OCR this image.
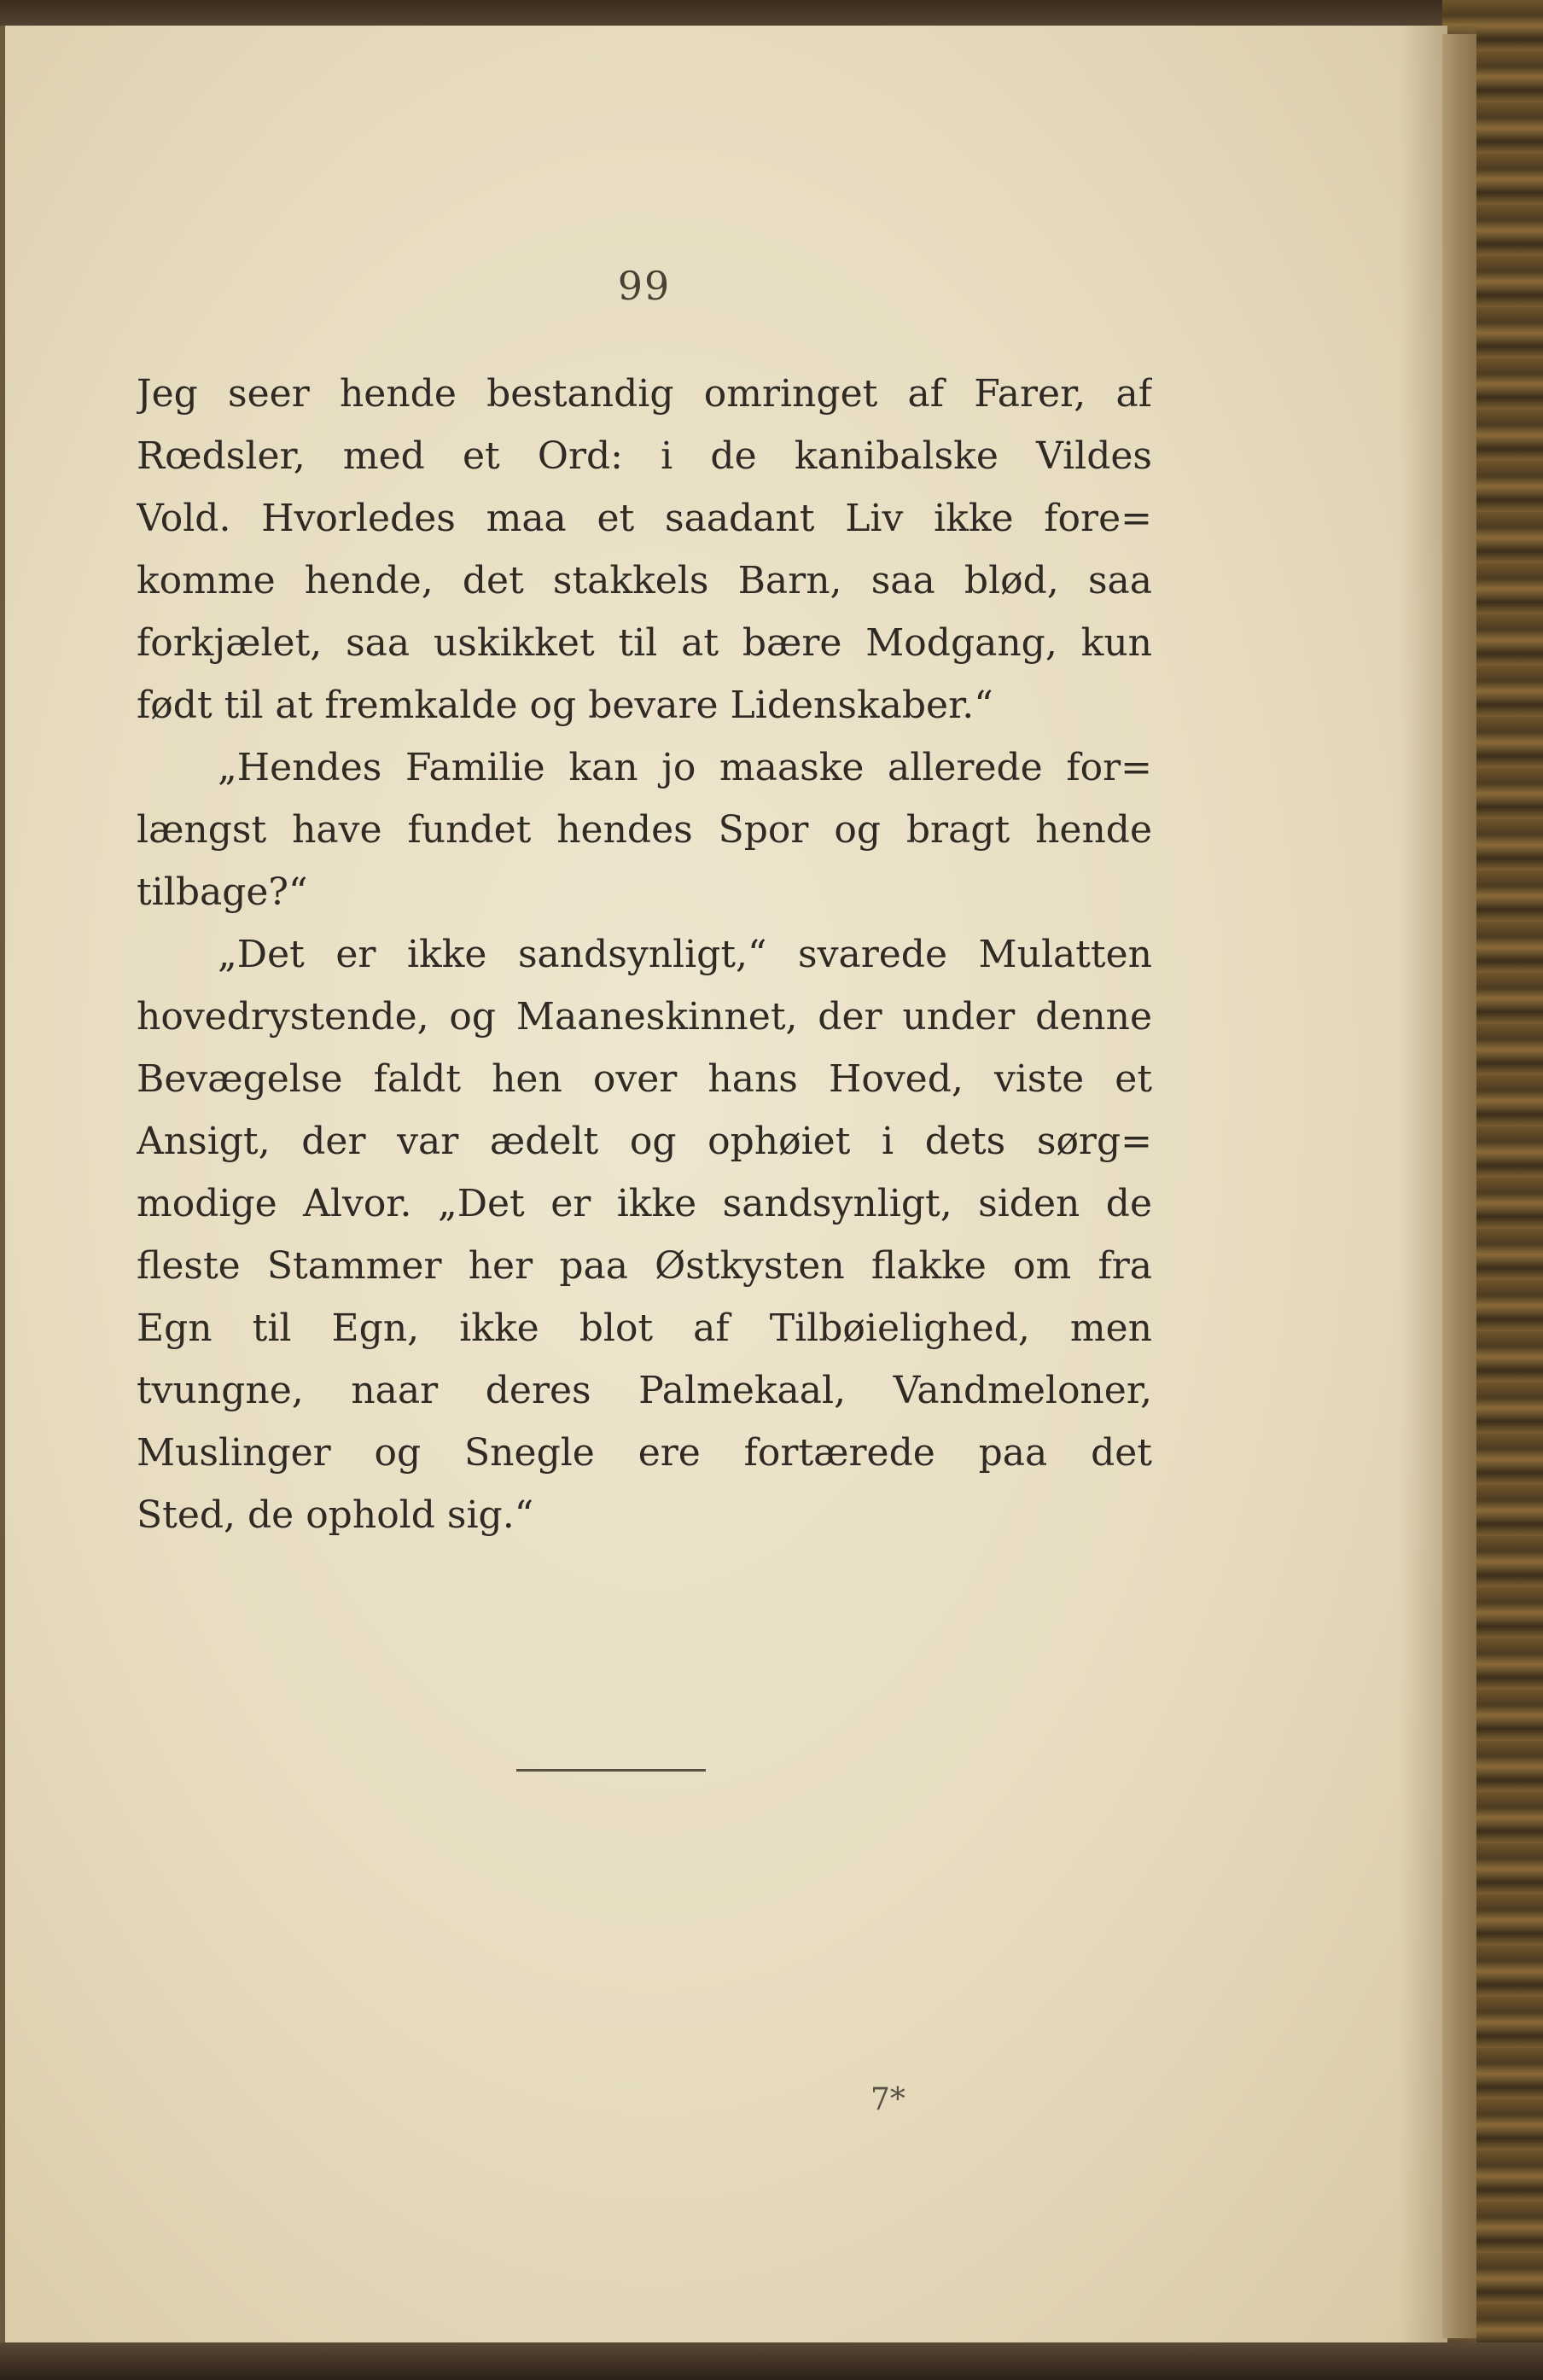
99
Jeg seer hende bestandig omringet af Farer, af
Rœdsler, med et Ord: i de kanibalske Vildes
Vold. Hvorledes maa et saadant Liv ikke fore=
komme hende, det stakkels Barn, saa blød, saa
forkjælet, saa uskikket til at bære Modgang, kun
født til at fremkalde og bevare Lidenskaber.“
„Hendes Familie kan jo maaske allerede for=
længst have fundet hendes Spor og bragt hende
tilbage?“
„Det er ikke sandsynligt,“ svarede Mulatten
hovedrystende, og Maaneskinnet, der under denne
Bevægelse faldt hen over hans Hoved, viste et
Ansigt, der var ædelt og ophøiet i dets sørg=
modige Alvor. „Det er ikke sandsynligt, siden de
fleste Stammer her paa Østkysten flakke om fra
Egn til Egn, ikke blot af Tilbøielighed, men
tvungne, naar deres Palmekaal, Vandmeloner,
Muslinger og Snegle ere fortærede paa det
Sted, de ophold sig.“
7*
